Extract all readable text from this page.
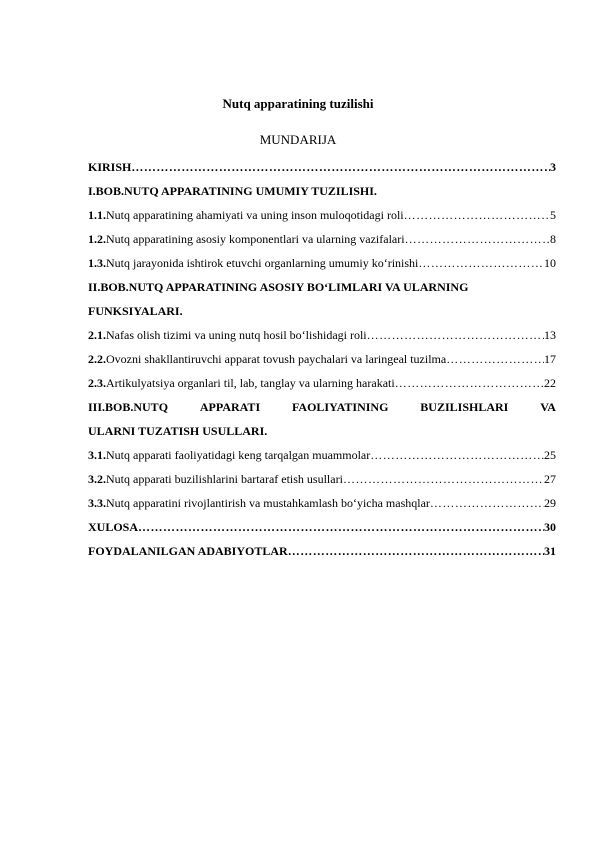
Nutq apparatining tuzilishi
MUNDARIJA
KIRISH ……………………………………………………………………………………………………………………………………………………………………………………	3
I.BOB.NUTQ APPARATINING UMUMIY TUZILISHI.
1.1.Nutq apparatining ahamiyati va uning inson muloqotidagi roli ……………………………………………………………………………………………………………………………………………………………………………………	5
1.2.Nutq apparatining asosiy komponentlari va ularning vazifalari ……………………………………………………………………………………………………………………………………………………………………………………	8
1.3.Nutq jarayonida ishtirok etuvchi organlarning umumiy ko‘rinishi ……………………………………………………………………………………………………………………………………………………………………………………	10
II.BOB.NUTQ APPARATINING ASOSIY BO‘LIMLARI VA ULARNING
FUNKSIYALARI.
2.1.Nafas olish tizimi va uning nutq hosil bo‘lishidagi roli ……………………………………………………………………………………………………………………………………………………………………………………	13
2.2.Ovozni shakllantiruvchi apparat tovush paychalari va laringeal tuzilma ……………………………………………………………………………………………………………………………………………………………………………………	17
2.3.Artikulyatsiya organlari til, lab, tanglay va ularning harakati ……………………………………………………………………………………………………………………………………………………………………………………	22
III.BOB.NUTQ	APPARATI	FAOLIYATINING	BUZILISHLARI	VA
ULARNI TUZATISH USULLARI.
3.1.Nutq apparati faoliyatidagi keng tarqalgan muammolar ……………………………………………………………………………………………………………………………………………………………………………………	25
3.2.Nutq apparati buzilishlarini bartaraf etish usullari ……………………………………………………………………………………………………………………………………………………………………………………	27
3.3.Nutq apparatini rivojlantirish va mustahkamlash bo‘yicha mashqlar ……………………………………………………………………………………………………………………………………………………………………………………	29
XULOSA ……………………………………………………………………………………………………………………………………………………………………………………	30
FOYDALANILGAN ADABIYOTLAR ……………………………………………………………………………………………………………………………………………………………………………………	31
